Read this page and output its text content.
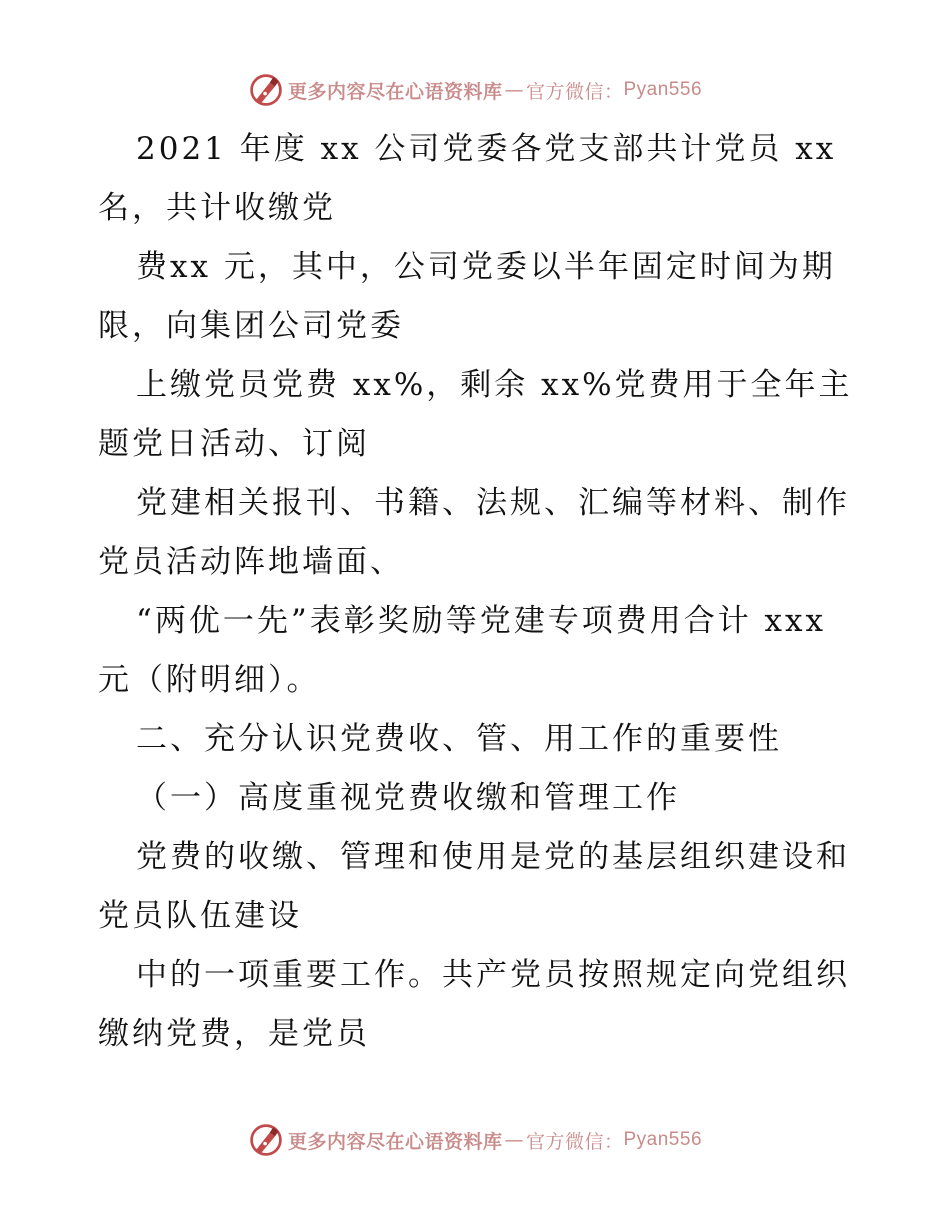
更多内容尽在心语资料库 — 官方微信： Pyan556
2021 年度 xx 公司党委各党支部共计党员 xx
名，共计收缴党
费xx 元，其中，公司党委以半年固定时间为期
限，向集团公司党委
上缴党员党费 xx%，剩余 xx%党费用于全年主
题党日活动、订阅
党建相关报刊、书籍、法规、汇编等材料、制作
党员活动阵地墙面、
“两优一先”表彰奖励等党建专项费用合计 xxx
元（附明细）。
二、充分认识党费收、管、用工作的重要性
（一）高度重视党费收缴和管理工作
党费的收缴、管理和使用是党的基层组织建设和
党员队伍建设
中的一项重要工作。共产党员按照规定向党组织
缴纳党费，是党员
更多内容尽在心语资料库 — 官方微信： Pyan556
